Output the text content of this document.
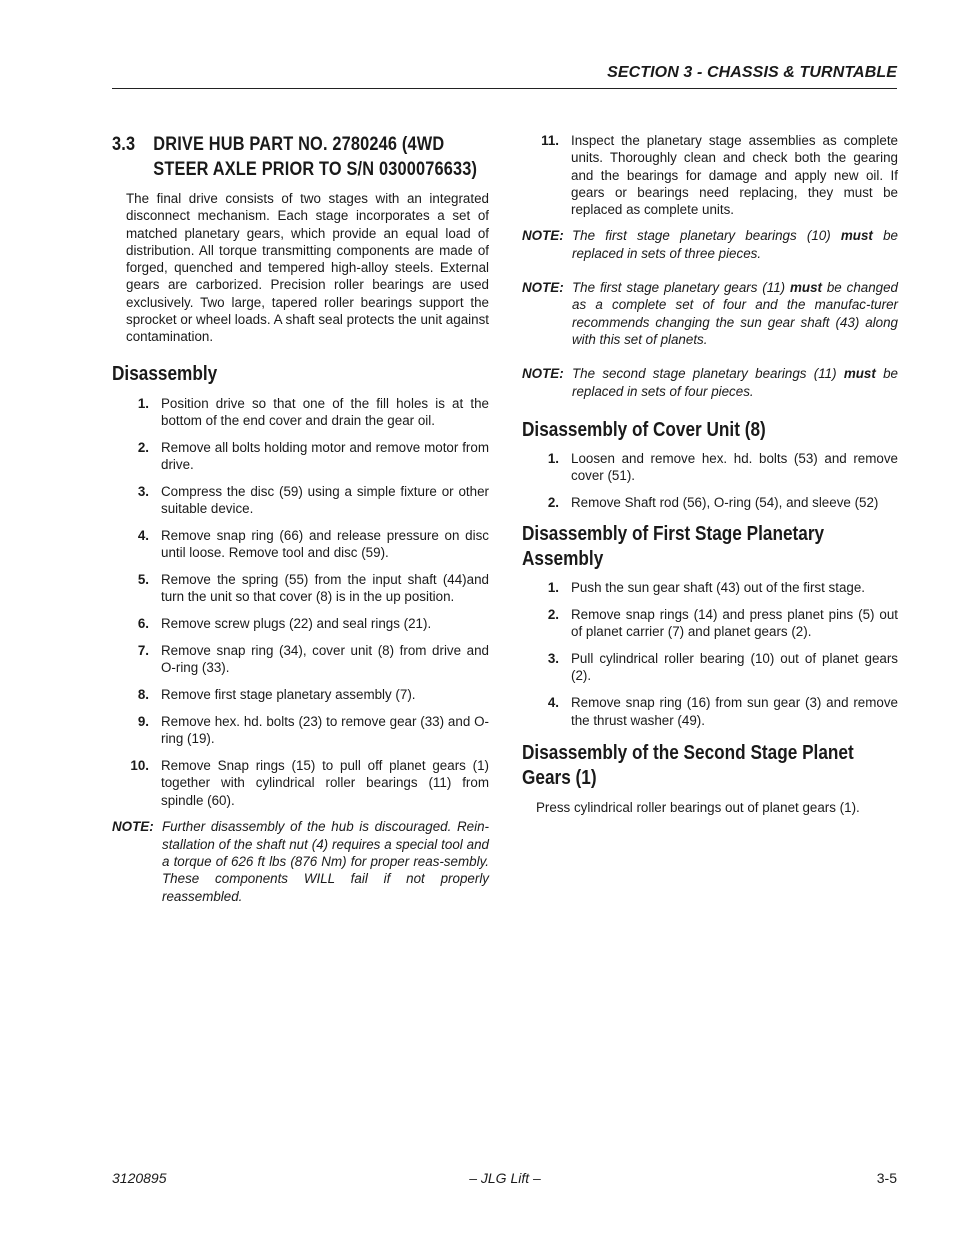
SECTION 3 - CHASSIS & TURNTABLE
3.3 DRIVE HUB PART NO. 2780246 (4WD STEER AXLE PRIOR TO S/N 0300076633)

The final drive consists of two stages with an integrated disconnect mechanism. Each stage incorporates a set of matched planetary gears, which provide an equal load of distribution. All torque transmitting components are made of forged, quenched and tempered high-alloy steels. External gears are carborized. Precision roller bearings are used exclusively. Two large, tapered roller bearings support the sprocket or wheel loads. A shaft seal protects the unit against contamination.

Disassembly
1. Position drive so that one of the fill holes is at the bottom of the end cover and drain the gear oil.
2. Remove all bolts holding motor and remove motor from drive.
3. Compress the disc (59) using a simple fixture or other suitable device.
4. Remove snap ring (66) and release pressure on disc until loose. Remove tool and disc (59).
5. Remove the spring (55) from the input shaft (44)and turn the unit so that cover (8) is in the up position.
6. Remove screw plugs (22) and seal rings (21).
7. Remove snap ring (34), cover unit (8) from drive and O-ring (33).
8. Remove first stage planetary assembly (7).
9. Remove hex. hd. bolts (23) to remove gear (33) and O-ring (19).
10. Remove Snap rings (15) to pull off planet gears (1) together with cylindrical roller bearings (11) from spindle (60).
NOTE: Further disassembly of the hub is discouraged. Rein-stallation of the shaft nut (4) requires a special tool and a torque of 626 ft lbs (876 Nm) for proper reas-sembly. These components WILL fail if not properly reassembled.
11. Inspect the planetary stage assemblies as complete units. Thoroughly clean and check both the gearing and the bearings for damage and apply new oil. If gears or bearings need replacing, they must be replaced as complete units.
NOTE: The first stage planetary bearings (10) must be replaced in sets of three pieces.
NOTE: The first stage planetary gears (11) must be changed as a complete set of four and the manufac-turer recommends changing the sun gear shaft (43) along with this set of planets.
NOTE: The second stage planetary bearings (11) must be replaced in sets of four pieces.
Disassembly of Cover Unit (8)
1. Loosen and remove hex. hd. bolts (53) and remove cover (51).
2. Remove Shaft rod (56), O-ring (54), and sleeve (52)
Disassembly of First Stage Planetary Assembly
1. Push the sun gear shaft (43) out of the first stage.
2. Remove snap rings (14) and press planet pins (5) out of planet carrier (7) and planet gears (2).
3. Pull cylindrical roller bearing (10) out of planet gears (2).
4. Remove snap ring (16) from sun gear (3) and remove the thrust washer (49).
Disassembly of the Second Stage Planet Gears (1)

Press cylindrical roller bearings out of planet gears (1).

3120895	– JLG Lift –	3-5
